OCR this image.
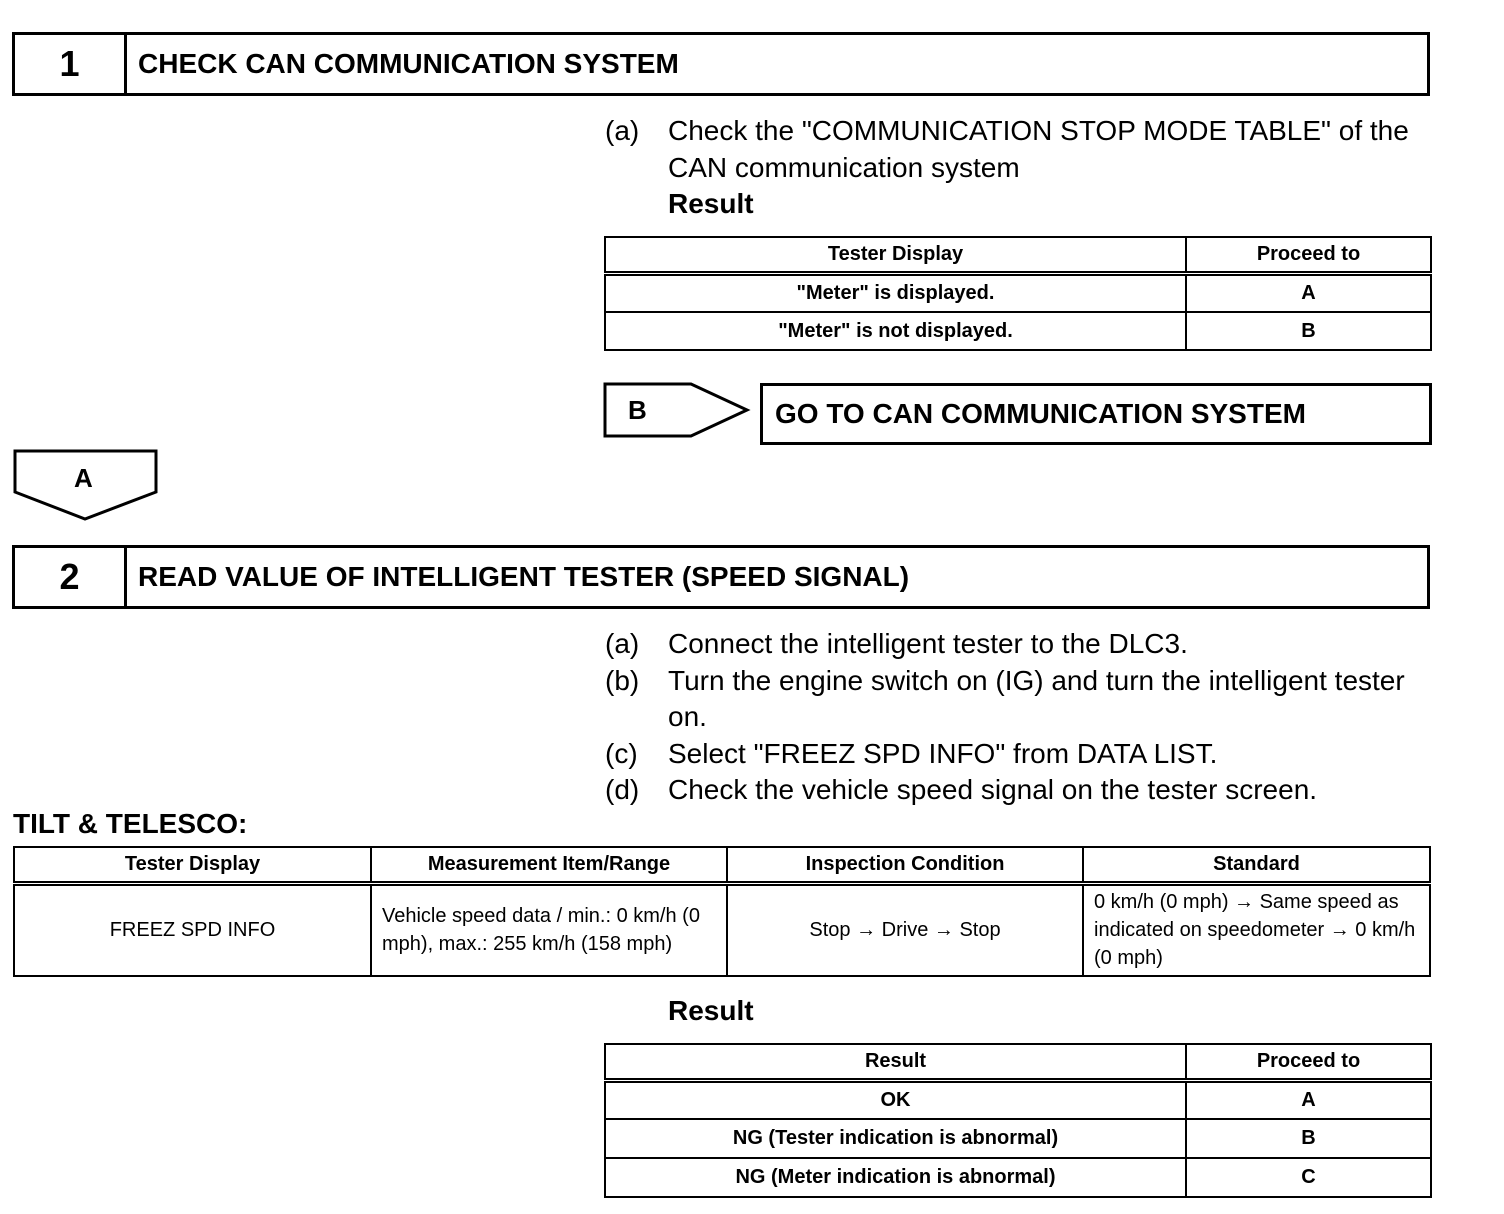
1	CHECK CAN COMMUNICATION SYSTEM
(a)	Check the "COMMUNICATION STOP MODE TABLE" of the CAN communication system
Result
Tester Display	Proceed to
"Meter" is displayed.	A
"Meter" is not displayed.	B
B	GO TO CAN COMMUNICATION SYSTEM
A
2	READ VALUE OF INTELLIGENT TESTER (SPEED SIGNAL)
(a)	Connect the intelligent tester to the DLC3.
(b)	Turn the engine switch on (IG) and turn the intelligent tester on.
(c)	Select "FREEZ SPD INFO" from DATA LIST.
(d)	Check the vehicle speed signal on the tester screen.
TILT & TELESCO:
Tester Display	Measurement Item/Range	Inspection Condition	Standard
FREEZ SPD INFO	Vehicle speed data / min.: 0 km/h (0 mph), max.: 255 km/h (158 mph)	Stop → Drive → Stop	0 km/h (0 mph) → Same speed as indicated on speedometer → 0 km/h (0 mph)
Result
Result	Proceed to
OK	A
NG (Tester indication is abnormal)	B
NG (Meter indication is abnormal)	C
